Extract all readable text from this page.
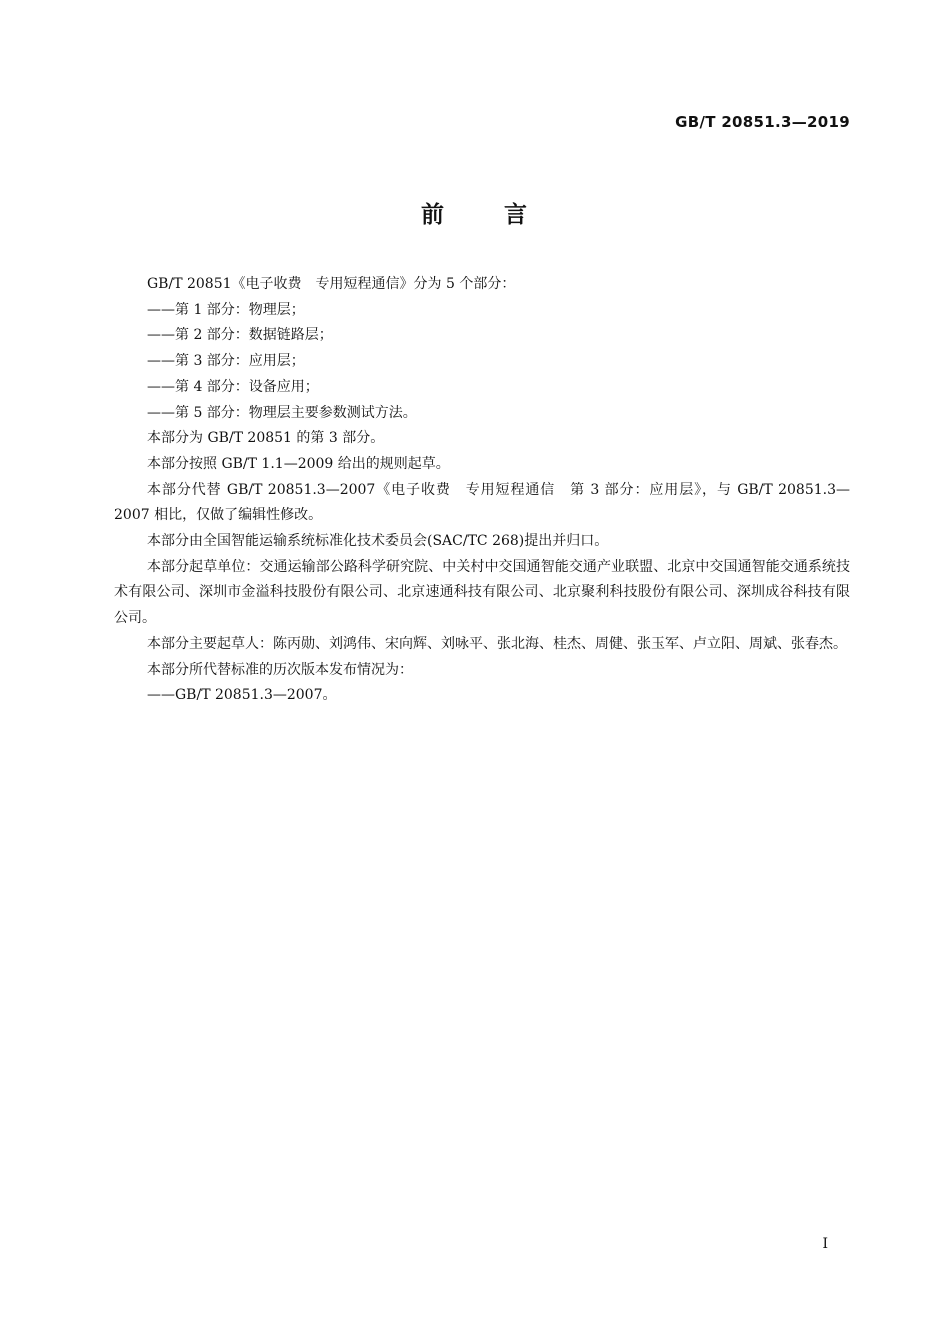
GB/T 20851.3—2019
前	言

GB/T 20851《电子收费　专用短程通信》分为 5 个部分：

——第 1 部分：物理层；

——第 2 部分：数据链路层；

——第 3 部分：应用层；

——第 4 部分：设备应用；

——第 5 部分：物理层主要参数测试方法。

本部分为 GB/T 20851 的第 3 部分。

本部分按照 GB/T 1.1—2009 给出的规则起草。

本部分代替 GB/T 20851.3—2007《电子收费　专用短程通信　第 3 部分：应用层》，与 GB/T 20851.3—2007 相比，仅做了编辑性修改。

本部分由全国智能运输系统标准化技术委员会(SAC/TC 268)提出并归口。

本部分起草单位：交通运输部公路科学研究院、中关村中交国通智能交通产业联盟、北京中交国通智能交通系统技术有限公司、深圳市金溢科技股份有限公司、北京速通科技有限公司、北京聚利科技股份有限公司、深圳成谷科技有限公司。

本部分主要起草人：陈丙勋、刘鸿伟、宋向辉、刘咏平、张北海、桂杰、周健、张玉军、卢立阳、周斌、张春杰。

本部分所代替标准的历次版本发布情况为：

——GB/T 20851.3—2007。

I
